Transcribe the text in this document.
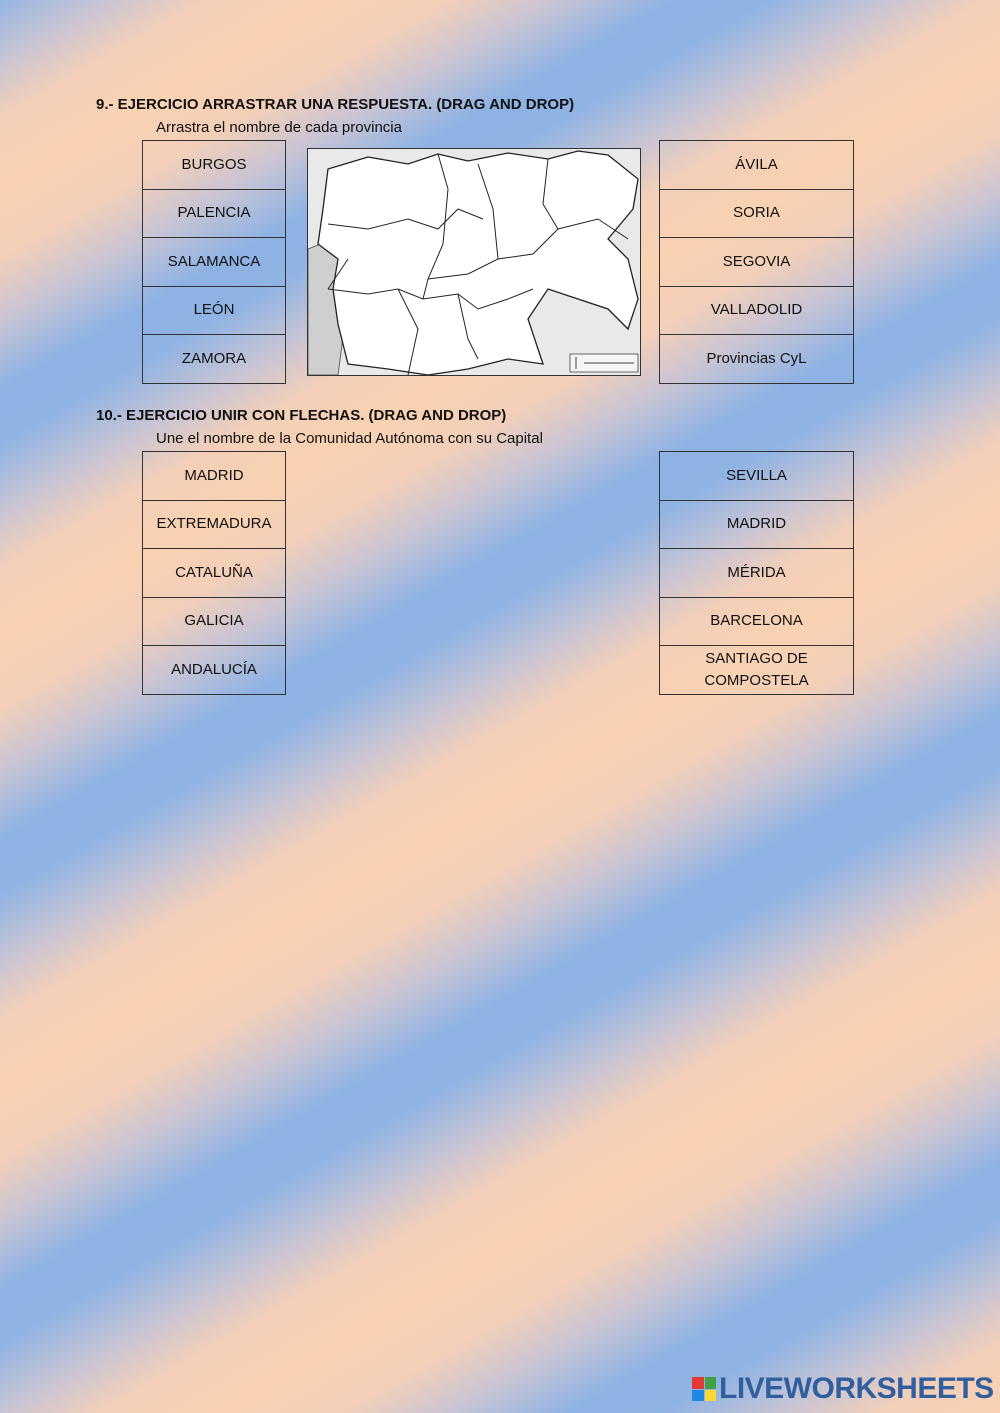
9.- EJERCICIO ARRASTRAR UNA RESPUESTA. (DRAG AND DROP)
Arrastra el nombre de cada provincia
BURGOS
PALENCIA
SALAMANCA
LEÓN
ZAMORA
ÁVILA
SORIA
SEGOVIA
VALLADOLID
Provincias CyL
10.- EJERCICIO UNIR CON FLECHAS. (DRAG AND DROP)
Une el nombre de la Comunidad Autónoma con su Capital
MADRID
EXTREMADURA
CATALUÑA
GALICIA
ANDALUCÍA
SEVILLA
MADRID
MÉRIDA
BARCELONA
SANTIAGO DE COMPOSTELA
LIVEWORKSHEETS
